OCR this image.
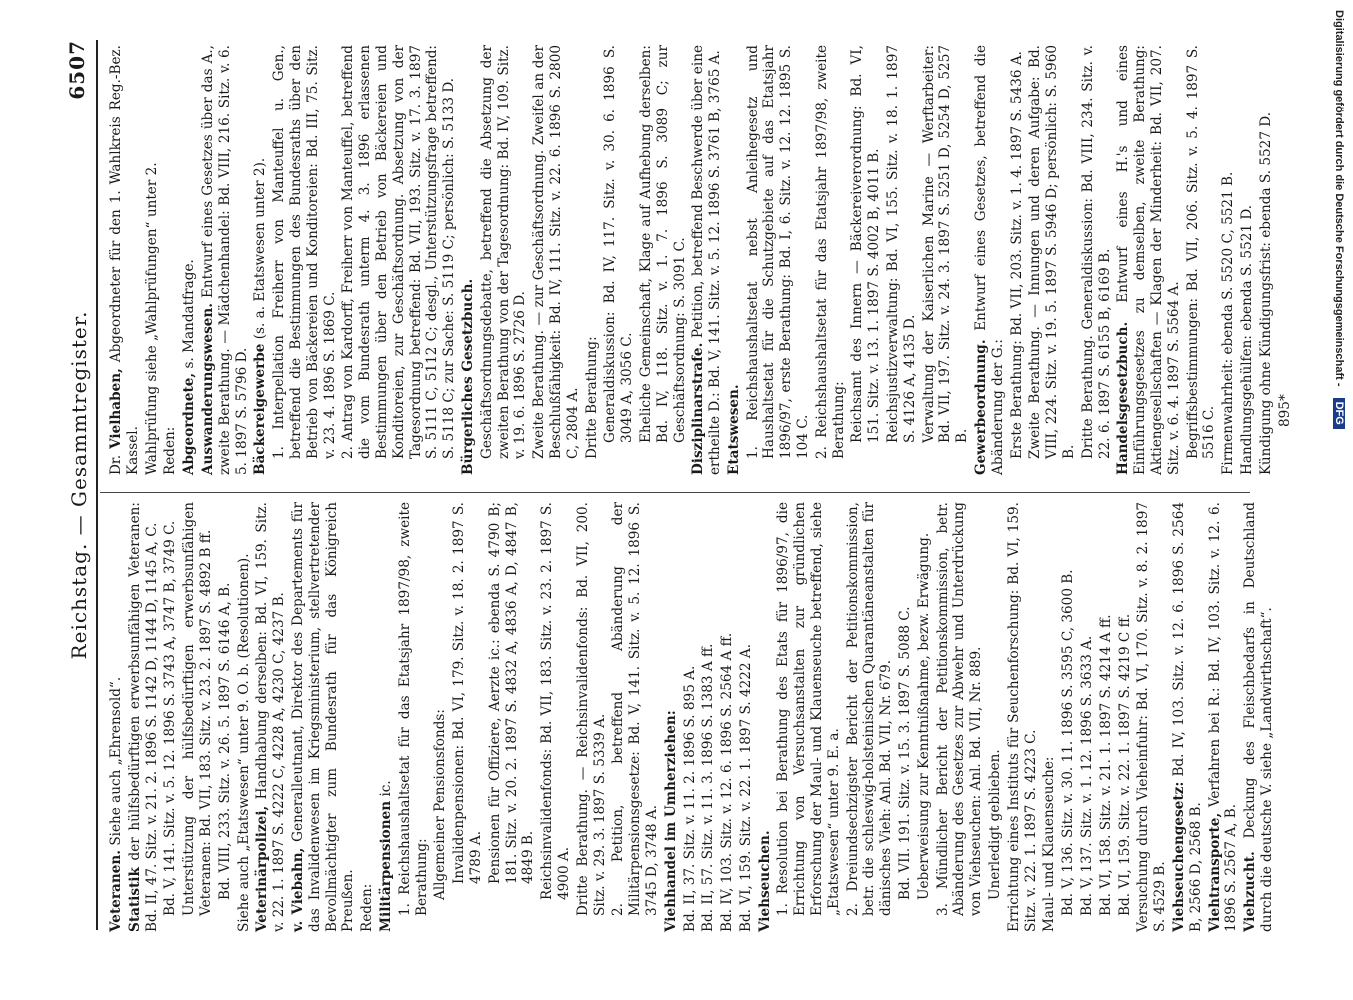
Reichstag. — Gesammtregister.
6507
Veteranen. Siehe auch „Ehrensold“.
Statistik der hülfsbedürftigen erwerbsunfähigen Veteranen: Bd. II, 47. Sitz. v. 21. 2. 1896 S. 1142 D, 1144 D, 1145 A, C. Bd. V, 141. Sitz. v. 5. 12. 1896 S. 3743 A, 3747 B, 3749 C. Unterstützung der hülfsbedürftigen erwerbsunfähigen Veteranen: Bd. VII, 183. Sitz. v. 23. 2. 1897 S. 4892 B ff. Bd. VIII, 233. Sitz. v. 26. 5. 1897 S. 6146 A, B. Siehe auch „Etatswesen“ unter 9. O. b. (Resolutionen). Veterinärpolizei, Handhabung derselben: Bd. VI, 159. Sitz. v. 22. 1. 1897 S. 4222 C, 4228 A, 4230 C, 4237 B. v. Viebahn, Generalleutnant, Direktor des Departements für das Invalidenwesen im Kriegsministerium, stellvertretender Bevollmächtigter zum Bundesrath für das Königreich Preußen. Reden: Militärpensionen ic. 1. Reichshaushaltsetat für das Etatsjahr 1897/98, zweite Berathung: Allgemeiner Pensionsfonds: Invalidenpensionen: Bd. VI, 179. Sitz. v. 18. 2. 1897 S. 4789 A. Pensionen für Offiziere, Aerzte ic.: ebenda S. 4790 B; 181. Sitz. v. 20. 2. 1897 S. 4832 A, 4836 A, D, 4847 B, 4849 B. Reichsinvalidenfonds: Bd. VII, 183. Sitz. v. 23. 2. 1897 S. 4900 A. Dritte Berathung. — Reichsinvalidenfonds: Bd. VII, 200. Sitz. v. 29. 3. 1897 S. 5339 A. 2. Petition, betreffend Abänderung der Militärpensionsgesetze: Bd. V, 141. Sitz. v. 5. 12. 1896 S. 3745 D, 3748 A. Viehhandel im Umherziehen: Bd. II, 37. Sitz. v. 11. 2. 1896 S. 895 A. Bd. II, 57. Sitz. v. 11. 3. 1896 S. 1383 A ff. Bd. IV, 103. Sitz. v. 12. 6. 1896 S. 2564 A ff. Bd. VI, 159. Sitz. v. 22. 1. 1897 S. 4222 A. Viehseuchen. 1. Resolution bei Berathung des Etats für 1896/97, die Errichtung von Versuchsanstalten zur gründlichen Erforschung der Maul- und Klauenseuche betreffend, siehe „Etatswesen“ unter 9. E. a. 2. Dreiundsechzigster Bericht der Petitionskommission, betr. die schleswig-holsteinischen Quarantäneanstalten für dänisches Vieh: Anl. Bd. VII, Nr. 679. Bd. VII. 191. Sitz. v. 15. 3. 1897 S. 5088 C. Ueberweisung zur Kenntnißnahme, bezw. Erwägung. 3. Mündlicher Bericht der Petitionskommission, betr. Abänderung des Gesetzes zur Abwehr und Unterdrückung von Viehseuchen: Anl. Bd. VII, Nr. 889. Unerledigt geblieben. Errichtung eines Instituts für Seuchenforschung: Bd. VI, 159. Sitz. v. 22. 1. 1897 S. 4223 C. Maul- und Klauenseuche: Bd. V, 136. Sitz. v. 30. 11. 1896 S. 3595 C, 3600 B. Bd. V, 137. Sitz. v. 1. 12. 1896 S. 3633 A. Bd. VI, 158. Sitz. v. 21. 1. 1897 S. 4214 A ff. Bd. VI, 159. Sitz. v. 22. 1. 1897 S. 4219 C ff. Versuchung durch Vieheinfuhr: Bd. VI, 170. Sitz. v. 8. 2. 1897 S. 4529 B. Viehseuchengesetz: Bd. IV, 103. Sitz. v. 12. 6. 1896 S. 2564 B, 2566 D, 2568 B. Viehtransporte, Verfahren bei R.: Bd. IV, 103. Sitz. v. 12. 6. 1896 S. 2567 A, B. Viehzucht. Deckung des Fleischbedarfs in Deutschland durch die deutsche V. siehe „Landwirthschaft“.
Dr. Vielhaben, Abgeordneter für den 1. Wahlkreis Reg.-Bez. Kassel. Wahlprüfung siehe „Wahlprüfungen“ unter 2. Reden: Abgeordnete, s. Mandatfrage. Auswanderungswesen. Entwurf eines Gesetzes über das A., zweite Berathung. — Mädchenhandel: Bd. VIII, 216. Sitz. v. 6. 5. 1897 S. 5796 D. Bäckereigewerbe (s. a. Etatswesen unter 2). 1. Interpellation Freiherr von Manteuffel u. Gen., betreffend die Bestimmungen des Bundesraths über den Betrieb von Bäckereien und Konditoreien: Bd. III, 75. Sitz. v. 23. 4. 1896 S. 1869 C. 2. Antrag von Kardorff, Freiherr von Manteuffel, betreffend die vom Bundesrath unterm 4. 3. 1896 erlassenen Bestimmungen über den Betrieb von Bäckereien und Konditoreien, zur Geschäftsordnung. Absetzung von der Tagesordnung betreffend: Bd. VII, 193. Sitz. v. 17. 3. 1897 S. 5111 C, 5112 C; desgl., Unterstützungsfrage betreffend: S. 5118 C; zur Sache: S. 5119 C; persönlich: S. 5133 D. Bürgerliches Gesetzbuch. Geschäftsordnungsdebatte, betreffend die Absetzung der zweiten Berathung von der Tagesordnung: Bd. IV, 109. Sitz. v. 19. 6. 1896 S. 2726 D. Zweite Berathung. — zur Geschäftsordnung. Zweifel an der Beschlußfähigkeit: Bd. IV, 111. Sitz. v. 22. 6. 1896 S. 2800 C, 2804 A. Dritte Berathung: Generaldiskussion: Bd. IV, 117. Sitz. v. 30. 6. 1896 S. 3049 A, 3056 C. Eheliche Gemeinschaft, Klage auf Aufhebung derselben: Bd. IV, 118. Sitz. v. 1. 7. 1896 S. 3089 C; zur Geschäftsordnung: S. 3091 C. Disziplinarstrafe. Petition, betreffend Beschwerde über eine ertheilte D.: Bd. V, 141. Sitz. v. 5. 12. 1896 S. 3761 B, 3765 A. Etatswesen. 1. Reichshaushaltsetat nebst Anleihegesetz und Haushaltsetat für die Schutzgebiete auf das Etatsjahr 1896/97, erste Berathung: Bd. I, 6. Sitz. v. 12. 12. 1895 S. 104 C. 2. Reichshaushaltsetat für das Etatsjahr 1897/98, zweite Berathung: Reichsamt des Innern — Bäckereiverordnung: Bd. VI, 151. Sitz. v. 13. 1. 1897 S. 4002 B, 4011 B. Reichsjustizverwaltung: Bd. VI, 155. Sitz. v. 18. 1. 1897 S. 4126 A, 4135 D. Verwaltung der Kaiserlichen Marine — Werftarbeiter: Bd. VII, 197. Sitz. v. 24. 3. 1897 S. 5251 D, 5254 D, 5257 B. Gewerbeordnung. Entwurf eines Gesetzes, betreffend die Abänderung der G.: Erste Berathung: Bd. VII, 203. Sitz. v. 1. 4. 1897 S. 5436 A. Zweite Berathung. — Innungen und deren Aufgabe: Bd. VIII, 224. Sitz. v. 19. 5. 1897 S. 5946 D; persönlich: S. 5960 B. Dritte Berathung. Generaldiskussion: Bd. VIII, 234. Sitz. v. 22. 6. 1897 S. 6155 B, 6169 B. Handelsgesetzbuch. Entwurf eines H.'s und eines Einführungsgesetzes zu demselben, zweite Berathung: Aktiengesellschaften — Klagen der Minderheit: Bd. VII, 207. Sitz. v. 6. 4. 1897 S. 5564 A. Begriffsbestimmungen: Bd. VII, 206. Sitz. v. 5. 4. 1897 S. 5516 C. Firmenwahrheit: ebenda S. 5520 C, 5521 B. Handlungsgehülfen: ebenda S. 5521 D. Kündigung ohne Kündigungsfrist: ebenda S. 5527 D. 895*
Digitalisierung gefördert durch die Deutsche Forschungsgemeinschaft - DFG
